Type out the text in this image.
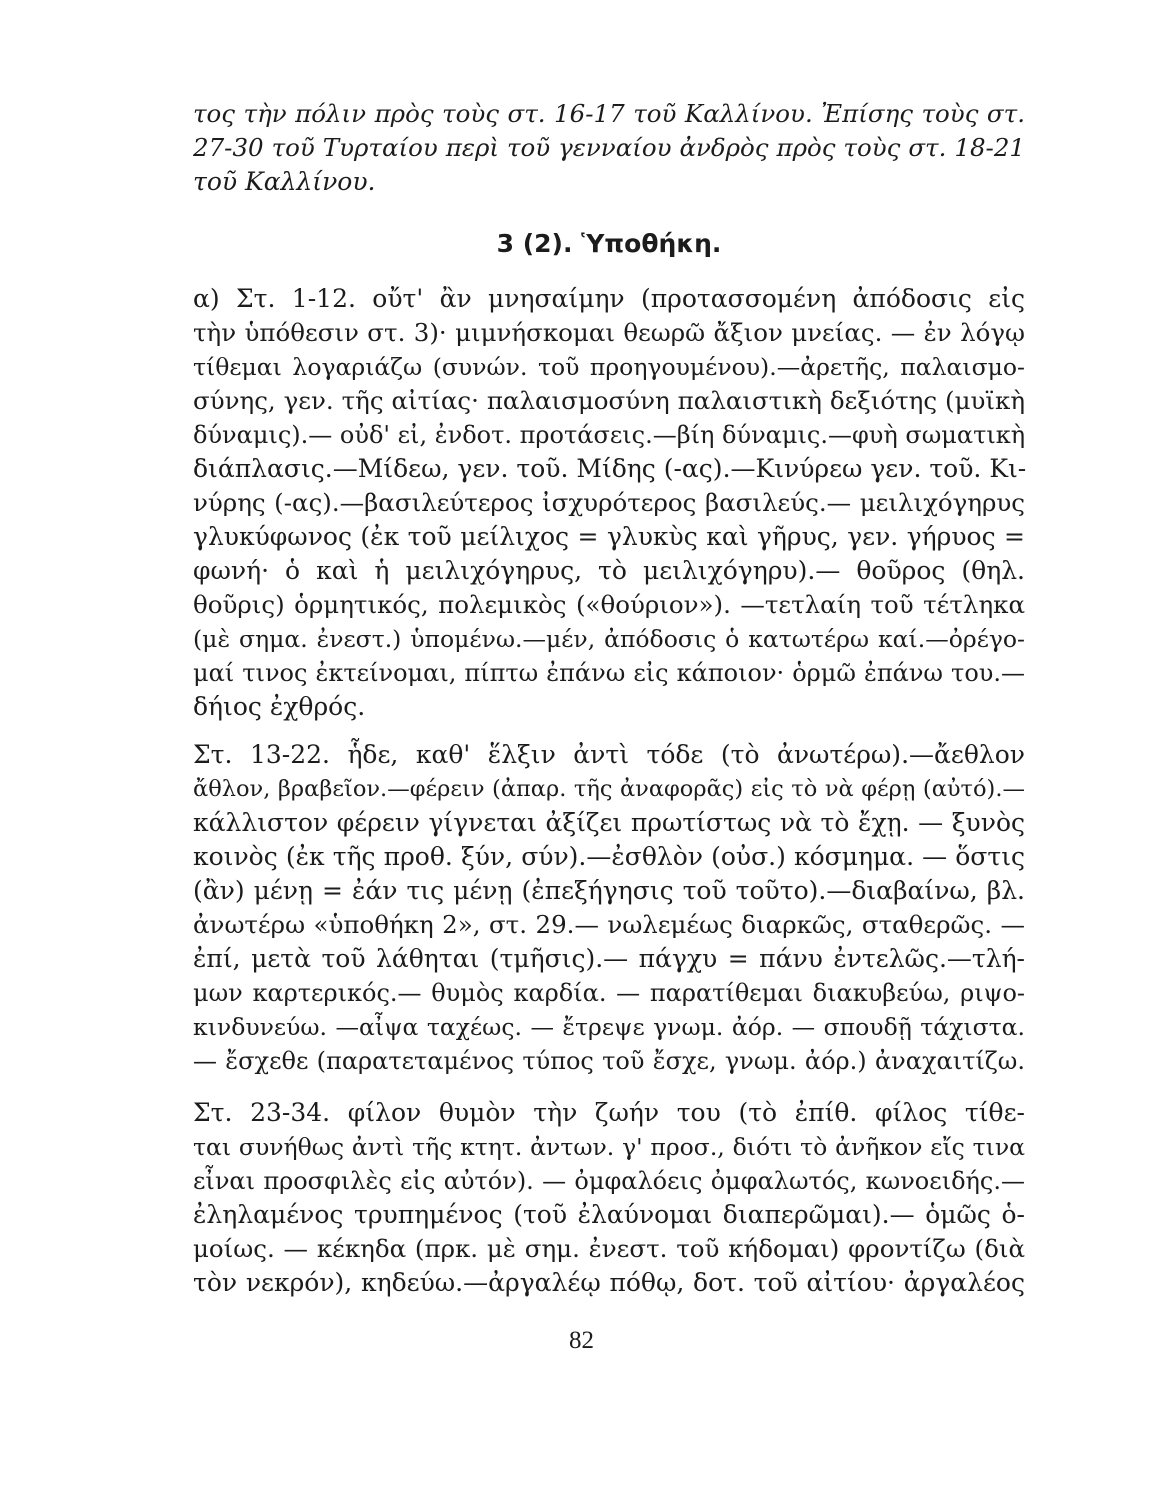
τος τὴν πόλιν πρὸς τοὺς στ. 16-17 τοῦ Καλλίνου. Ἐπίσης τοὺς στ.
27-30 τοῦ Τυρταίου περὶ τοῦ γενναίου ἀνδρὸς πρὸς τοὺς στ. 18-21
τοῦ Καλλίνου.
3 (2). Ὑποθήκη.
α) Στ. 1-12. οὔτ' ἂν μνησαίμην (προτασσομένη ἀπόδοσις εἰς
τὴν ὑπόθεσιν στ. 3)· μιμνήσκομαι θεωρῶ ἄξιον μνείας. — ἐν λόγῳ
τίθεμαι λογαριάζω (συνών. τοῦ προηγουμένου).—ἀρετῆς, παλαισμο-
σύνης, γεν. τῆς αἰτίας· παλαισμοσύνη παλαιστικὴ δεξιότης (μυϊκὴ
δύναμις).— οὐδ' εἰ, ἐνδοτ. προτάσεις.—βίη δύναμις.—φυὴ σωματικὴ
διάπλασις.—Μίδεω, γεν. τοῦ. Μίδης (-ας).—Κινύρεω γεν. τοῦ. Κι-
νύρης (-ας).—βασιλεύτερος ἰσχυρότερος βασιλεύς.— μειλιχόγηρυς
γλυκύφωνος (ἐκ τοῦ μείλιχος = γλυκὺς καὶ γῆρυς, γεν. γήρυος =
φωνή· ὁ καὶ ἡ μειλιχόγηρυς, τὸ μειλιχόγηρυ).— θοῦρος (θηλ.
θοῦρις) ὁρμητικός, πολεμικὸς («θούριον»). —τετλαίη τοῦ τέτληκα
(μὲ σημα. ἐνεστ.) ὑπομένω.—μέν, ἀπόδοσις ὁ κατωτέρω καί.—ὀρέγο-
μαί τινος ἐκτείνομαι, πίπτω ἐπάνω εἰς κάποιον· ὁρμῶ ἐπάνω του.—
δήιος ἐχθρός.
Στ. 13-22. ἧδε, καθ' ἕλξιν ἀντὶ τόδε (τὸ ἀνωτέρω).—ἄεθλον
ἄθλον, βραβεῖον.—φέρειν (ἀπαρ. τῆς ἀναφορᾶς) εἰς τὸ νὰ φέρῃ (αὐτό).—
κάλλιστον φέρειν γίγνεται ἀξίζει πρωτίστως νὰ τὸ ἔχῃ. — ξυνὸς
κοινὸς (ἐκ τῆς προθ. ξύν, σύν).—ἐσθλὸν (οὐσ.) κόσμημα. — ὅστις
(ἂν) μένῃ = ἐάν τις μένῃ (ἐπεξήγησις τοῦ τοῦτο).—διαβαίνω, βλ.
ἀνωτέρω «ὑποθήκη 2», στ. 29.— νωλεμέως διαρκῶς, σταθερῶς. —
ἐπί, μετὰ τοῦ λάθηται (τμῆσις).— πάγχυ = πάνυ ἐντελῶς.—τλή-
μων καρτερικός.— θυμὸς καρδία. — παρατίθεμαι διακυβεύω, ριψο-
κινδυνεύω. —αἶψα ταχέως. — ἔτρεψε γνωμ. ἀόρ. — σπουδῇ τάχιστα.
— ἔσχεθε (παρατεταμένος τύπος τοῦ ἔσχε, γνωμ. ἀόρ.) ἀναχαιτίζω.
Στ. 23-34. φίλον θυμὸν τὴν ζωήν του (τὸ ἐπίθ. φίλος τίθε-
ται συνήθως ἀντὶ τῆς κτητ. ἀντων. γ' προσ., διότι τὸ ἀνῆκον εἴς τινα
εἶναι προσφιλὲς εἰς αὐτόν). — ὀμφαλόεις ὀμφαλωτός, κωνοειδής.—
ἐληλαμένος τρυπημένος (τοῦ ἐλαύνομαι διαπερῶμαι).— ὁμῶς ὁ-
μοίως. — κέκηδα (πρκ. μὲ σημ. ἐνεστ. τοῦ κήδομαι) φροντίζω (διὰ
τὸν νεκρόν), κηδεύω.—ἀργαλέῳ πόθῳ, δοτ. τοῦ αἰτίου· ἀργαλέος
82
